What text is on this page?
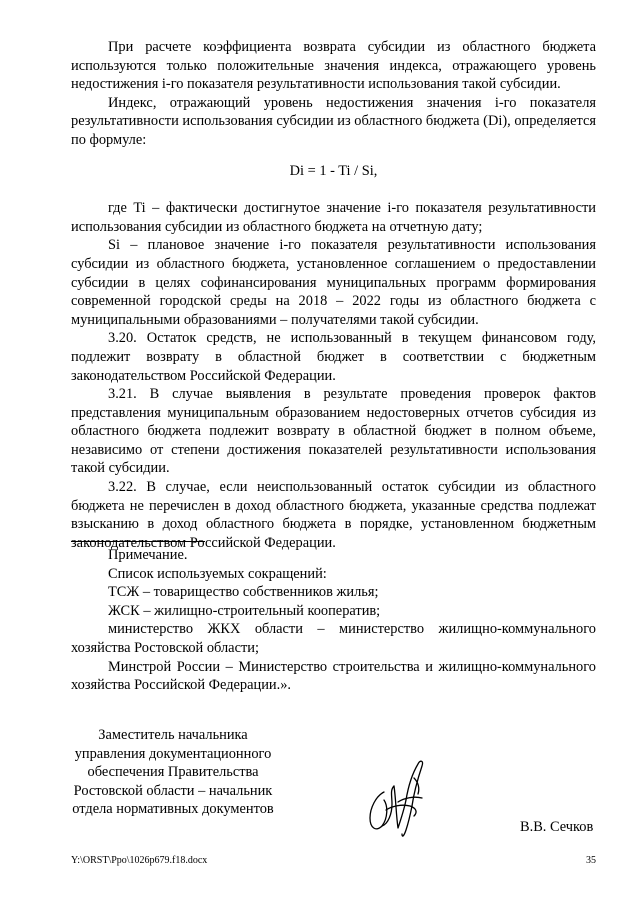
При расчете коэффициента возврата субсидии из областного бюджета используются только положительные значения индекса, отражающего уровень недостижения i-го показателя результативности использования такой субсидии.

Индекс, отражающий уровень недостижения значения i-го показателя результативности использования субсидии из областного бюджета (Di), определяется по формуле:

Di = 1 - Ti / Si,

где Ti – фактически достигнутое значение i-го показателя результативности использования субсидии из областного бюджета на отчетную дату;

Si – плановое значение i-го показателя результативности использования субсидии из областного бюджета, установленное соглашением о предоставлении субсидии в целях софинансирования муниципальных программ формирования современной городской среды на 2018 – 2022 годы из областного бюджета с муниципальными образованиями – получателями такой субсидии.

3.20. Остаток средств, не использованный в текущем финансовом году, подлежит возврату в областной бюджет в соответствии с бюджетным законодательством Российской Федерации.

3.21. В случае выявления в результате проведения проверок фактов представления муниципальным образованием недостоверных отчетов субсидия из областного бюджета подлежит возврату в областной бюджет в полном объеме, независимо от степени достижения показателей результативности использования такой субсидии.

3.22. В случае, если неиспользованный остаток субсидии из областного бюджета не перечислен в доход областного бюджета, указанные средства подлежат взысканию в доход областного бюджета в порядке, установленном бюджетным законодательством Российской Федерации.

Примечание.

Список используемых сокращений:

ТСЖ – товарищество собственников жилья;

ЖСК – жилищно-строительный кооператив;

министерство ЖКХ области – министерство жилищно-коммунального хозяйства Ростовской области;

Минстрой России – Министерство строительства и жилищно-коммунального хозяйства Российской Федерации.».

Заместитель начальника
управления документационного
обеспечения Правительства
Ростовской области – начальник
отдела нормативных документов
В.В. Сечков
Y:\ORST\Ppo\1026p679.f18.docx	35
